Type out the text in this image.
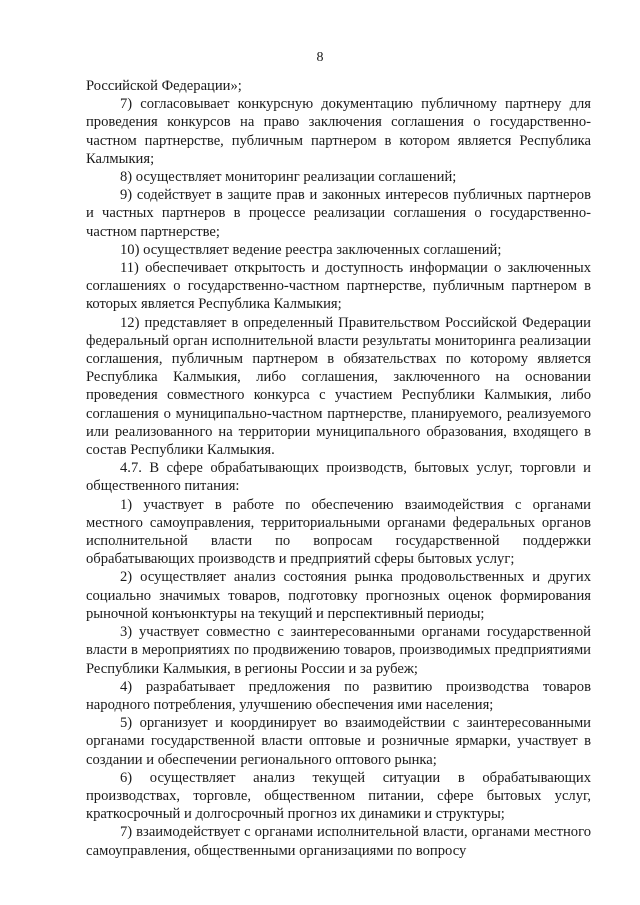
8

Российской Федерации»;

7) согласовывает конкурсную документацию публичному партнеру для проведения конкурсов на право заключения соглашения о государственно-частном партнерстве, публичным партнером в котором является Республика Калмыкия;

8) осуществляет мониторинг реализации соглашений;

9) содействует в защите прав и законных интересов публичных партнеров и частных партнеров в процессе реализации соглашения о государственно-частном партнерстве;

10) осуществляет ведение реестра заключенных соглашений;

11) обеспечивает открытость и доступность информации о заключенных соглашениях о государственно-частном партнерстве, публичным партнером в которых является Республика Калмыкия;

12) представляет в определенный Правительством Российской Федерации федеральный орган исполнительной власти результаты мониторинга реализации соглашения, публичным партнером в обязательствах по которому является Республика Калмыкия, либо соглашения, заключенного на основании проведения совместного конкурса с участием Республики Калмыкия, либо соглашения о муниципально-частном партнерстве, планируемого, реализуемого или реализованного на территории муниципального образования, входящего в состав Республики Калмыкия.

4.7. В сфере обрабатывающих производств, бытовых услуг, торговли и общественного питания:

1) участвует в работе по обеспечению взаимодействия с органами местного самоуправления, территориальными органами федеральных органов исполнительной власти по вопросам государственной поддержки обрабатывающих производств и предприятий сферы бытовых услуг;

2) осуществляет анализ состояния рынка продовольственных и других социально значимых товаров, подготовку прогнозных оценок формирования рыночной конъюнктуры на текущий и перспективный периоды;

3) участвует совместно с заинтересованными органами государственной власти в мероприятиях по продвижению товаров, производимых предприятиями Республики Калмыкия, в регионы России и за рубеж;

4) разрабатывает предложения по развитию производства товаров народного потребления, улучшению обеспечения ими населения;

5) организует и координирует во взаимодействии с заинтересованными органами государственной власти оптовые и розничные ярмарки, участвует в создании и обеспечении регионального оптового рынка;

6) осуществляет анализ текущей ситуации в обрабатывающих производствах, торговле, общественном питании, сфере бытовых услуг, краткосрочный и долгосрочный прогноз их динамики и структуры;

7) взаимодействует с органами исполнительной власти, органами местного самоуправления, общественными организациями по вопросу
